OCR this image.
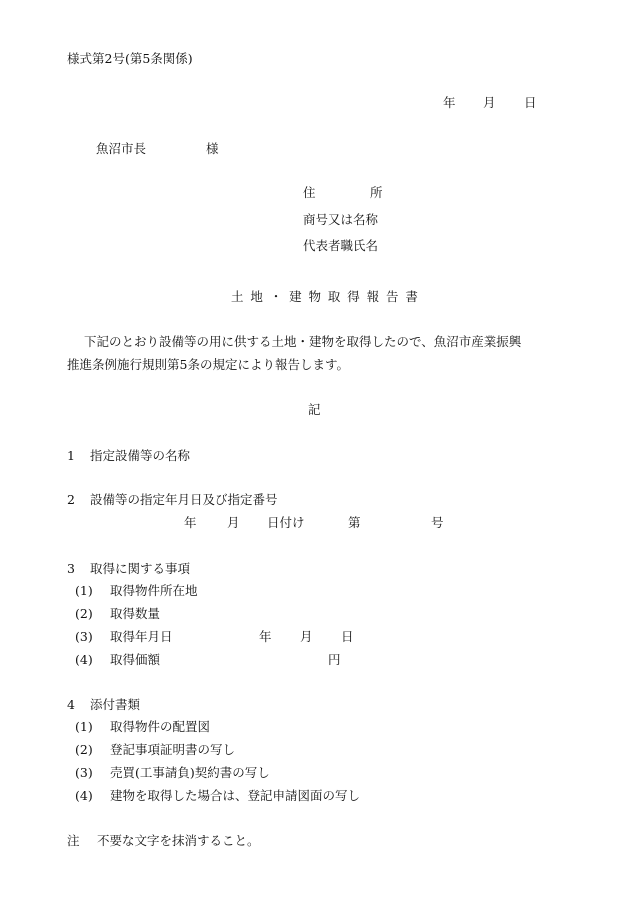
様式第2号(第5条関係)
年 月 日
魚沼市長	様
住	所
商号又は名称
代表者職氏名
土地・建物取得報告書
下記のとおり設備等の用に供する土地・建物を取得したので、魚沼市産業振興
推進条例施行規則第5条の規定により報告します。
記
1 指定設備等の名称
2 設備等の指定年月日及び指定番号
年 月 日付け	第	号
3 取得に関する事項
(1) 取得物件所在地
(2) 取得数量
(3) 取得年月日	年 月 日
(4) 取得価額	円
4 添付書類
(1) 取得物件の配置図
(2) 登記事項証明書の写し
(3) 売買(工事請負)契約書の写し
(4) 建物を取得した場合は、登記申請図面の写し
注 不要な文字を抹消すること。
